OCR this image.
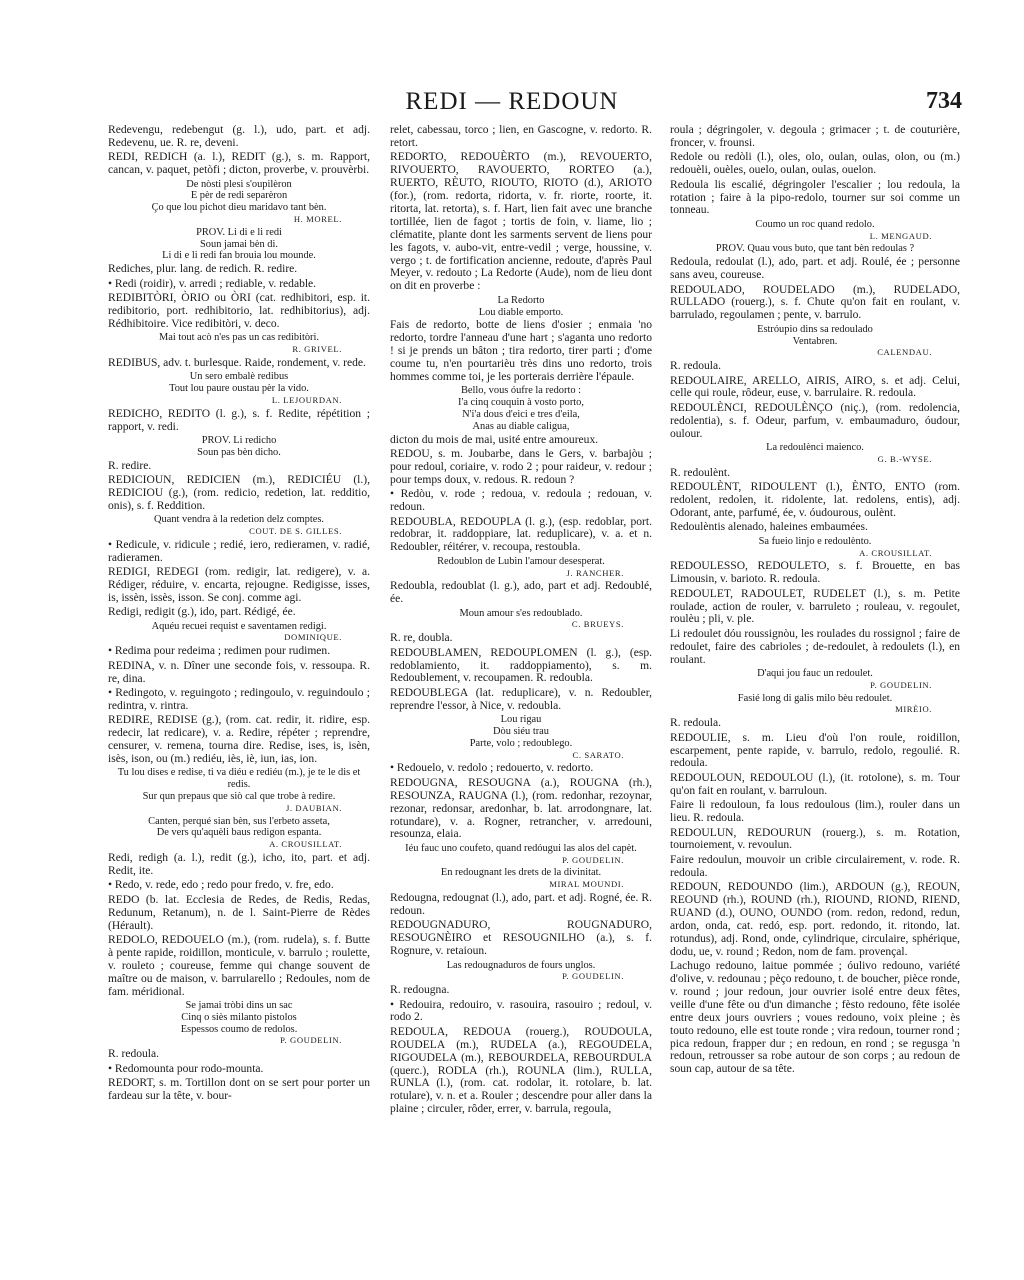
REDI — REDOUN	734

Redevengu, redebengut (g. l.), udo, part. et adj. Redevenu, ue. R. re, deveni.

REDI, REDICH (a. l.), REDIT (g.), s. m. Rapport, cancan, v. paquet, petòfi ; dicton, proverbe, v. prouvèrbi.

De nòsti plesi s'oupilèron
E pèr de redi separèron
Ço que lou pichot dieu maridavo tant bèn.
H. MOREL.
PROV. Li di e li redi
Soun jamai bèn di.
Li di e li redi fan brouia lou mounde.

Rediches, plur. lang. de redich. R. redire.

• Redi (roidir), v. arredi ; rediable, v. redable.

REDIBITÒRI, ÒRIO ou ÒRI (cat. redhibitori, esp. it. redibitorio, port. redhibitorio, lat. redhibitorius), adj. Rédhibitoire. Vice redibitòri, v. deco.

Mai tout acò n'es pas un cas redibitòri.
R. GRIVEL.

REDIBUS, adv. t. burlesque. Raide, rondement, v. rede.

Un sero embalè redibus
Tout lou paure oustau pèr la vido.
L. LEJOURDAN.

REDICHO, REDITO (l. g.), s. f. Redite, répétition ; rapport, v. redi.

PROV. Li redicho
Soun pas bèn dicho.

R. redire.

REDICIOUN, REDICIEN (m.), REDICIÉU (l.), REDICIOU (g.), (rom. redicio, redetion, lat. redditio, onis), s. f. Reddition.

Quant vendra à la redetion delz comptes.
COUT. DE S. GILLES.

• Redicule, v. ridicule ; redié, iero, redieramen, v. radié, radieramen.

REDIGI, REDEGI (rom. redigir, lat. redigere), v. a. Rédiger, réduire, v. encarta, rejougne. Redigisse, isses, is, issèn, issès, isson. Se conj. comme agi.

Redigi, redigit (g.), ido, part. Rédigé, ée.

Aquéu recuei requist e saventamen redigi.
DOMINIQUE.

• Redima pour redeima ; redimen pour rudimen.

REDINA, v. n. Dîner une seconde fois, v. ressoupa. R. re, dina.

• Redingoto, v. reguingoto ; redingoulo, v. reguindoulo ; redintra, v. rintra.

REDIRE, REDISE (g.), (rom. cat. redir, it. ridire, esp. redecir, lat redicare), v. a. Redire, répéter ; reprendre, censurer, v. remena, tourna dire. Redise, ises, is, isèn, isès, ison, ou (m.) rediéu, iès, iè, iun, ias, ion.

Tu lou dises e redise, ti va diéu e rediéu (m.), je te le dis et redis.
Sur qun prepaus que siò cal que trobe à redire.
J. DAUBIAN.
Canten, perqué sian bèn, sus l'erbeto asseta,
De vers qu'aquèli baus redigon espanta.
A. CROUSILLAT.

Redi, redigh (a. l.), redit (g.), icho, ito, part. et adj. Redit, ite.

• Redo, v. rede, edo ; redo pour fredo, v. fre, edo.

REDO (b. lat. Ecclesia de Redes, de Redis, Redas, Redunum, Retanum), n. de l. Saint-Pierre de Rèdes (Hérault).

REDOLO, REDOUELO (m.), (rom. rudela), s. f. Butte à pente rapide, roidillon, monticule, v. barrulo ; roulette, v. rouleto ; coureuse, femme qui change souvent de maître ou de maison, v. barrularello ; Redoules, nom de fam. méridional.

Se jamai tròbi dins un sac
Cinq o siès milanto pistolos
Espessos coumo de redolos.
P. GOUDELIN.

R. redoula.

• Redomounta pour rodo-mounta.

REDORT, s. m. Tortillon dont on se sert pour porter un fardeau sur la tête, v. bour-

relet, cabessau, torco ; lien, en Gascogne, v. redorto. R. retort.

REDORTO, REDOUÈRTO (m.), REVOUERTO, RIVOUERTO, RAVOUERTO, RORTEO (a.), RUERTO, RÈUTO, RIOUTO, RIOTO (d.), ARIOTO (for.), (rom. redorta, ridorta, v. fr. riorte, roorte, it. ritorta, lat. retorta), s. f. Hart, lien fait avec une branche tortillée, lien de fagot ; tortis de foin, v. liame, lio ; clématite, plante dont les sarments servent de liens pour les fagots, v. aubo-vit, entre-vedil ; verge, houssine, v. vergo ; t. de fortification ancienne, redoute, d'après Paul Meyer, v. redouto ; La Redorte (Aude), nom de lieu dont on dit en proverbe :

La Redorto
Lou diable emporto.

Fais de redorto, botte de liens d'osier ; enmaia 'no redorto, tordre l'anneau d'une hart ; s'aganta uno redorto ! si je prends un bâton ; tira redorto, tirer parti ; d'ome coume tu, n'en pourtarièu très dins uno redorto, trois hommes comme toi, je les porterais derrière l'épaule.

Bello, vous óufre la redorto :
I'a cinq couquin à vosto porto,
N'i'a dous d'eici e tres d'eila,
Anas au diable caligua,

dicton du mois de mai, usité entre amoureux.

REDOU, s. m. Joubarbe, dans le Gers, v. barbajòu ; pour redoul, coriaire, v. rodo 2 ; pour raideur, v. redour ; pour temps doux, v. redous. R. redoun ?

• Redòu, v. rode ; redoua, v. redoula ; redouan, v. redoun.

REDOUBLA, REDOUPLA (l. g.), (esp. redoblar, port. redobrar, it. raddoppiare, lat. reduplicare), v. a. et n. Redoubler, réitérer, v. recoupa, restoubla.

Redoublon de Lubin l'amour desesperat.
J. RANCHER.

Redoubla, redoublat (l. g.), ado, part et adj. Redoublé, ée.

Moun amour s'es redoublado.
C. BRUEYS.

R. re, doubla.

REDOUBLAMEN, REDOUPLOMEN (l. g.), (esp. redoblamiento, it. raddoppiamento), s. m. Redoublement, v. recoupamen. R. redoubla.

REDOUBLEGA (lat. reduplicare), v. n. Redoubler, reprendre l'essor, à Nice, v. redoubla.

Lou rigau
Dòu siéu trau
Parte, volo ; redoublego.
C. SARATO.

• Redouelo, v. redolo ; redouerto, v. redorto.

REDOUGNA, RESOUGNA (a.), ROUGNA (rh.), RESOUNZA, RAUGNA (l.), (rom. redonhar, rezoynar, rezonar, redonsar, aredonhar, b. lat. arrodongnare, lat. rotundare), v. a. Rogner, retrancher, v. arredouni, resounza, elaia.

Iéu fauc uno coufeto, quand redóugui las alos del capèt.
P. GOUDELIN.
En redougnant les drets de la divinitat.
MIRAL MOUNDI.

Redougna, redougnat (l.), ado, part. et adj. Rogné, ée. R. redoun.

REDOUGNADURO, ROUGNADURO, RESOUGNÈIRO et RESOUGNILHO (a.), s. f. Rognure, v. retaioun.

Las redougnaduros de fours unglos.
P. GOUDELIN.

R. redougna.

• Redouira, redouiro, v. rasouira, rasouiro ; redoul, v. rodo 2.

REDOULA, REDOUA (rouerg.), ROUDOULA, ROUDELA (m.), RUDELA (a.), REGOUDELA, RIGOUDELA (m.), REBOURDELA, REBOURDULA (querc.), RODLA (rh.), ROUNLA (lim.), RULLA, RUNLA (l.), (rom. cat. rodolar, it. rotolare, b. lat. rotulare), v. n. et a. Rouler ; descendre pour aller dans la plaine ; circuler, rôder, errer, v. barrula, regoula,

roula ; dégringoler, v. degoula ; grimacer ; t. de couturière, froncer, v. frounsi.

Redole ou redòli (l.), oles, olo, oulan, oulas, olon, ou (m.) redouèli, ouèles, ouelo, oulan, oulas, ouelon.

Redoula lis escalié, dégringoler l'escalier ; lou redoula, la rotation ; faire à la pipo-redolo, tourner sur soi comme un tonneau.

Coumo un roc quand redolo.
L. MENGAUD.
PROV. Quau vous buto, que tant bèn redoulas ?

Redoula, redoulat (l.), ado, part. et adj. Roulé, ée ; personne sans aveu, coureuse.

REDOULADO, ROUDELADO (m.), RUDELADO, RULLADO (rouerg.), s. f. Chute qu'on fait en roulant, v. barrulado, regoulamen ; pente, v. barrulo.

Estróupio dins sa redoulado
Ventabren.
CALENDAU.

R. redoula.

REDOULAIRE, ARELLO, AIRIS, AIRO, s. et adj. Celui, celle qui roule, rôdeur, euse, v. barrulaire. R. redoula.

REDOULÈNCI, REDOULÈNÇO (niç.), (rom. redolencia, redolentia), s. f. Odeur, parfum, v. embaumaduro, óudour, oulour.

La redoulènci maienco.
G. B.-WYSE.

R. redoulènt.

REDOULÈNT, RIDOULENT (l.), ÈNTO, ENTO (rom. redolent, redolen, it. ridolente, lat. redolens, entis), adj. Odorant, ante, parfumé, ée, v. óudourous, oulènt.

Redoulèntis alenado, haleines embaumées.

Sa fueio linjo e redoulènto.
A. CROUSILLAT.

REDOULESSO, REDOULETO, s. f. Brouette, en bas Limousin, v. barioto. R. redoula.

REDOULET, RADOULET, RUDELET (l.), s. m. Petite roulade, action de rouler, v. barruleto ; rouleau, v. regoulet, roulèu ; pli, v. ple.

Li redoulet dóu roussignòu, les roulades du rossignol ; faire de redoulet, faire des cabrioles ; de-redoulet, à redoulets (l.), en roulant.

D'aqui jou fauc un redoulet.
P. GOUDELIN.
Fasié long di galis milo bèu redoulet.
MIRÈIO.

R. redoula.

REDOULIE, s. m. Lieu d'où l'on roule, roidillon, escarpement, pente rapide, v. barrulo, redolo, regoulié. R. redoula.

REDOULOUN, REDOULOU (l.), (it. rotolone), s. m. Tour qu'on fait en roulant, v. barruloun.

Faire li redouloun, fa lous redoulous (lim.), rouler dans un lieu. R. redoula.

REDOULUN, REDOURUN (rouerg.), s. m. Rotation, tournoiement, v. revoulun.

Faire redoulun, mouvoir un crible circulairement, v. rode. R. redoula.

REDOUN, REDOUNDO (lim.), ARDOUN (g.), REOUN, REOUND (rh.), ROUND (rh.), RIOUND, RIOND, RIEND, RUAND (d.), OUNO, OUNDO (rom. redon, redond, redun, ardon, onda, cat. redó, esp. port. redondo, it. ritondo, lat. rotundus), adj. Rond, onde, cylindrique, circulaire, sphérique, dodu, ue, v. round ; Redon, nom de fam. provençal.

Lachugo redouno, laitue pommée ; óulivo redouno, variété d'olive, v. redounau ; pèço redouno, t. de boucher, pièce ronde, v. round ; jour redoun, jour ouvrier isolé entre deux fêtes, veille d'une fête ou d'un dimanche ; fèsto redouno, fête isolée entre deux jours ouvriers ; voues redouno, voix pleine ; ès touto redouno, elle est toute ronde ; vira redoun, tourner rond ; pica redoun, frapper dur ; en redoun, en rond ; se regusga 'n redoun, retrousser sa robe autour de son corps ; au redoun de soun cap, autour de sa tête.
